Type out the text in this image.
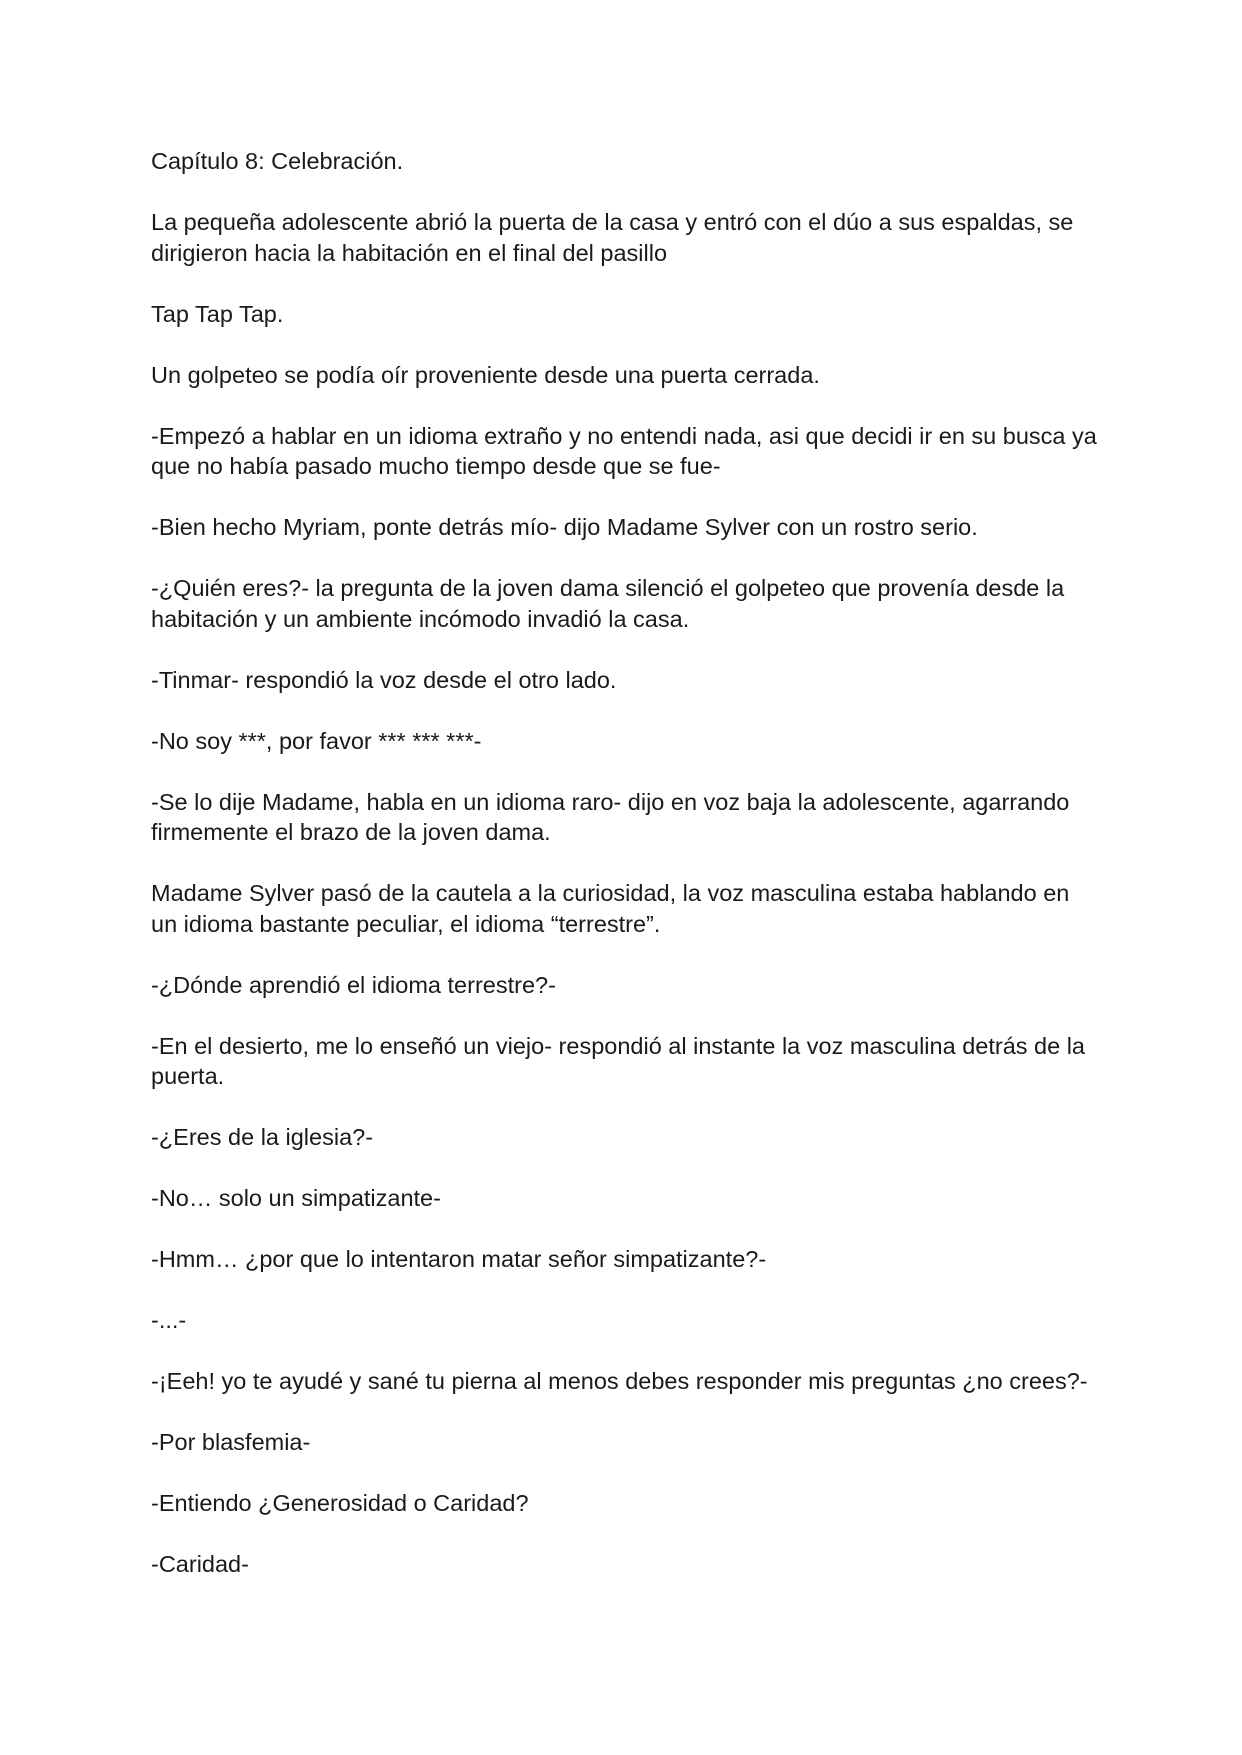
Capítulo 8: Celebración.

La pequeña adolescente abrió la puerta de la casa y entró con el dúo a sus espaldas, se dirigieron hacia la habitación en el final del pasillo

Tap Tap Tap.

Un golpeteo se podía oír proveniente desde una puerta cerrada.

-Empezó a hablar en un idioma extraño y no entendi nada, asi que decidi ir en su busca ya que no había pasado mucho tiempo desde que se fue-

-Bien hecho Myriam, ponte detrás mío- dijo Madame Sylver con un rostro serio.

-¿Quién eres?- la pregunta de la joven dama silenció el golpeteo que provenía desde la habitación y un ambiente incómodo invadió la casa.

-Tinmar- respondió la voz desde el otro lado.

-No soy ***, por favor *** *** ***-

-Se lo dije Madame, habla en un idioma raro- dijo en voz baja la adolescente, agarrando firmemente el brazo de la joven dama.

Madame Sylver pasó de la cautela a la curiosidad, la voz masculina estaba hablando en un idioma bastante peculiar, el idioma “terrestre”.

-¿Dónde aprendió el idioma terrestre?-

-En el desierto, me lo enseñó un viejo- respondió al instante la voz masculina detrás de la puerta.

-¿Eres de la iglesia?-

-No… solo un simpatizante-

-Hmm… ¿por que lo intentaron matar señor simpatizante?-

-...-

-¡Eeh! yo te ayudé y sané tu pierna al menos debes responder mis preguntas ¿no crees?-

-Por blasfemia-

-Entiendo ¿Generosidad o Caridad?

-Caridad-
